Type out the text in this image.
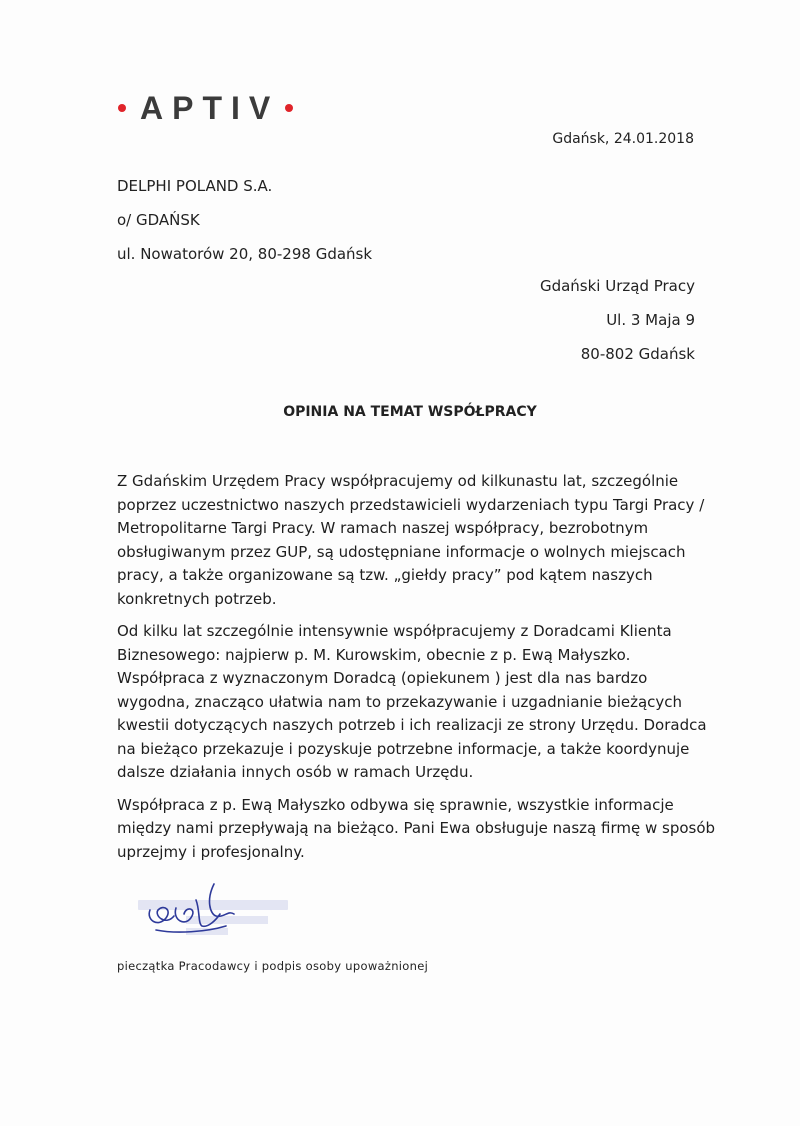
APTIV
Gdańsk, 24.01.2018
DELPHI POLAND S.A.
o/ GDAŃSK
ul. Nowatorów 20, 80-298 Gdańsk
Gdański Urząd Pracy
Ul. 3 Maja 9
80-802 Gdańsk
OPINIA NA TEMAT WSPÓŁPRACY

Z Gdańskim Urzędem Pracy współpracujemy od kilkunastu lat, szczególnie
poprzez uczestnictwo naszych przedstawicieli wydarzeniach typu Targi Pracy /
Metropolitarne Targi Pracy. W ramach naszej współpracy, bezrobotnym
obsługiwanym przez GUP, są udostępniane informacje o wolnych miejscach
pracy, a także organizowane są tzw. „giełdy pracy” pod kątem naszych
konkretnych potrzeb.

Od kilku lat szczególnie intensywnie współpracujemy z Doradcami Klienta
Biznesowego: najpierw p. M. Kurowskim, obecnie z p. Ewą Małyszko.
Współpraca z wyznaczonym Doradcą (opiekunem ) jest dla nas bardzo
wygodna, znacząco ułatwia nam to przekazywanie i uzgadnianie bieżących
kwestii dotyczących naszych potrzeb i ich realizacji ze strony Urzędu. Doradca
na bieżąco przekazuje i pozyskuje potrzebne informacje, a także koordynuje
dalsze działania innych osób w ramach Urzędu.

Współpraca z p. Ewą Małyszko odbywa się sprawnie, wszystkie informacje
między nami przepływają na bieżąco. Pani Ewa obsługuje naszą firmę w sposób
uprzejmy i profesjonalny.

pieczątka Pracodawcy i podpis osoby upoważnionej
